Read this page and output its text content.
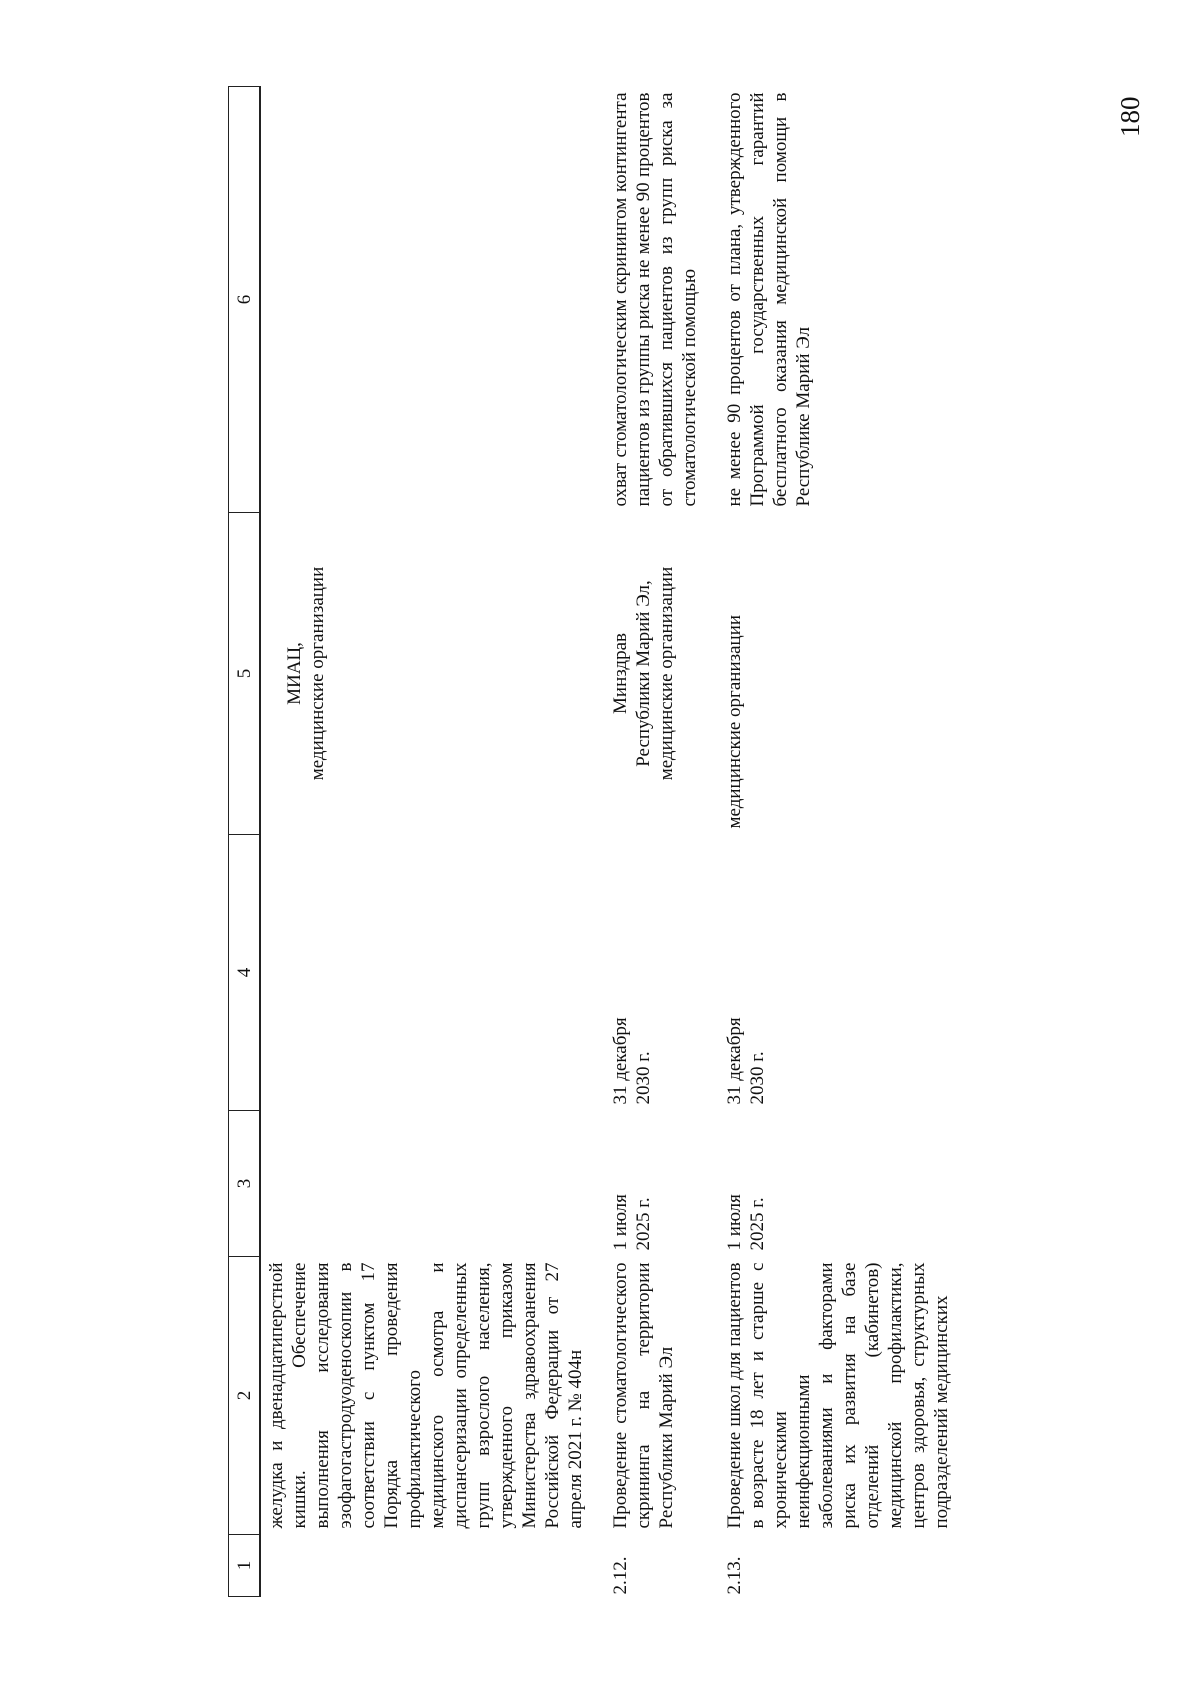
180
1	2	3	4	5	6
	желудка и двенадцатиперстной кишки. Обеспечение выполнения исследования эзофагогастродуоденоскопии в соответствии с пунктом 17 Порядка проведения профилактического медицинского осмотра и диспансеризации определенных групп взрослого населения, утвержденного приказом Министерства здравоохранения Российской Федерации от 27 апреля 2021 г. № 404н			МИАЦ,
медицинские организации	
2.12.	Проведение стоматологического скрининга на территории Республики Марий Эл	1 июля
2025 г.	31 декабря
2030 г.	Минздрав
Республики Марий Эл,
медицинские организации	охват стоматологическим скринингом контингента пациентов из группы риска не менее 90 процентов от обратившихся пациентов из групп риска за стоматологической помощью
2.13.	Проведение школ для пациентов в возрасте 18 лет и старше с хроническими неинфекционными заболеваниями и факторами риска их развития на базе отделений (кабинетов) медицинской профилактики, центров здоровья, структурных подразделений медицинских	1 июля
2025 г.	31 декабря
2030 г.	медицинские организации	не менее 90 процентов от плана, утвержденного Программой государственных гарантий бесплатного оказания медицинской помощи в Республике Марий Эл
